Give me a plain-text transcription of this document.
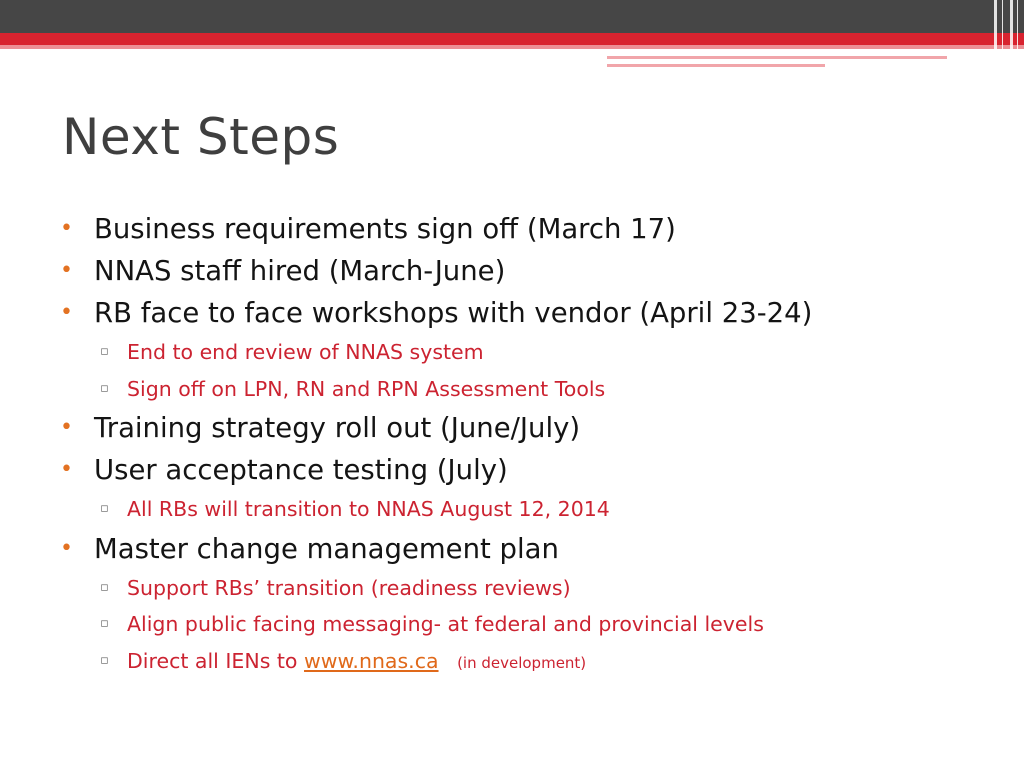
Next Steps
• Business requirements sign off (March 17)
• NNAS staff hired (March-June)
• RB face to face workshops with vendor (April 23-24)
▫ End to end review of NNAS system
▫ Sign off on LPN, RN and RPN Assessment Tools
• Training strategy roll out (June/July)
• User acceptance testing (July)
▫ All RBs will transition to NNAS August 12, 2014
• Master change management plan
▫ Support RBs’ transition (readiness reviews)
▫ Align public facing messaging- at federal and provincial levels
▫ Direct all IENs to www.nnas.ca (in development)
